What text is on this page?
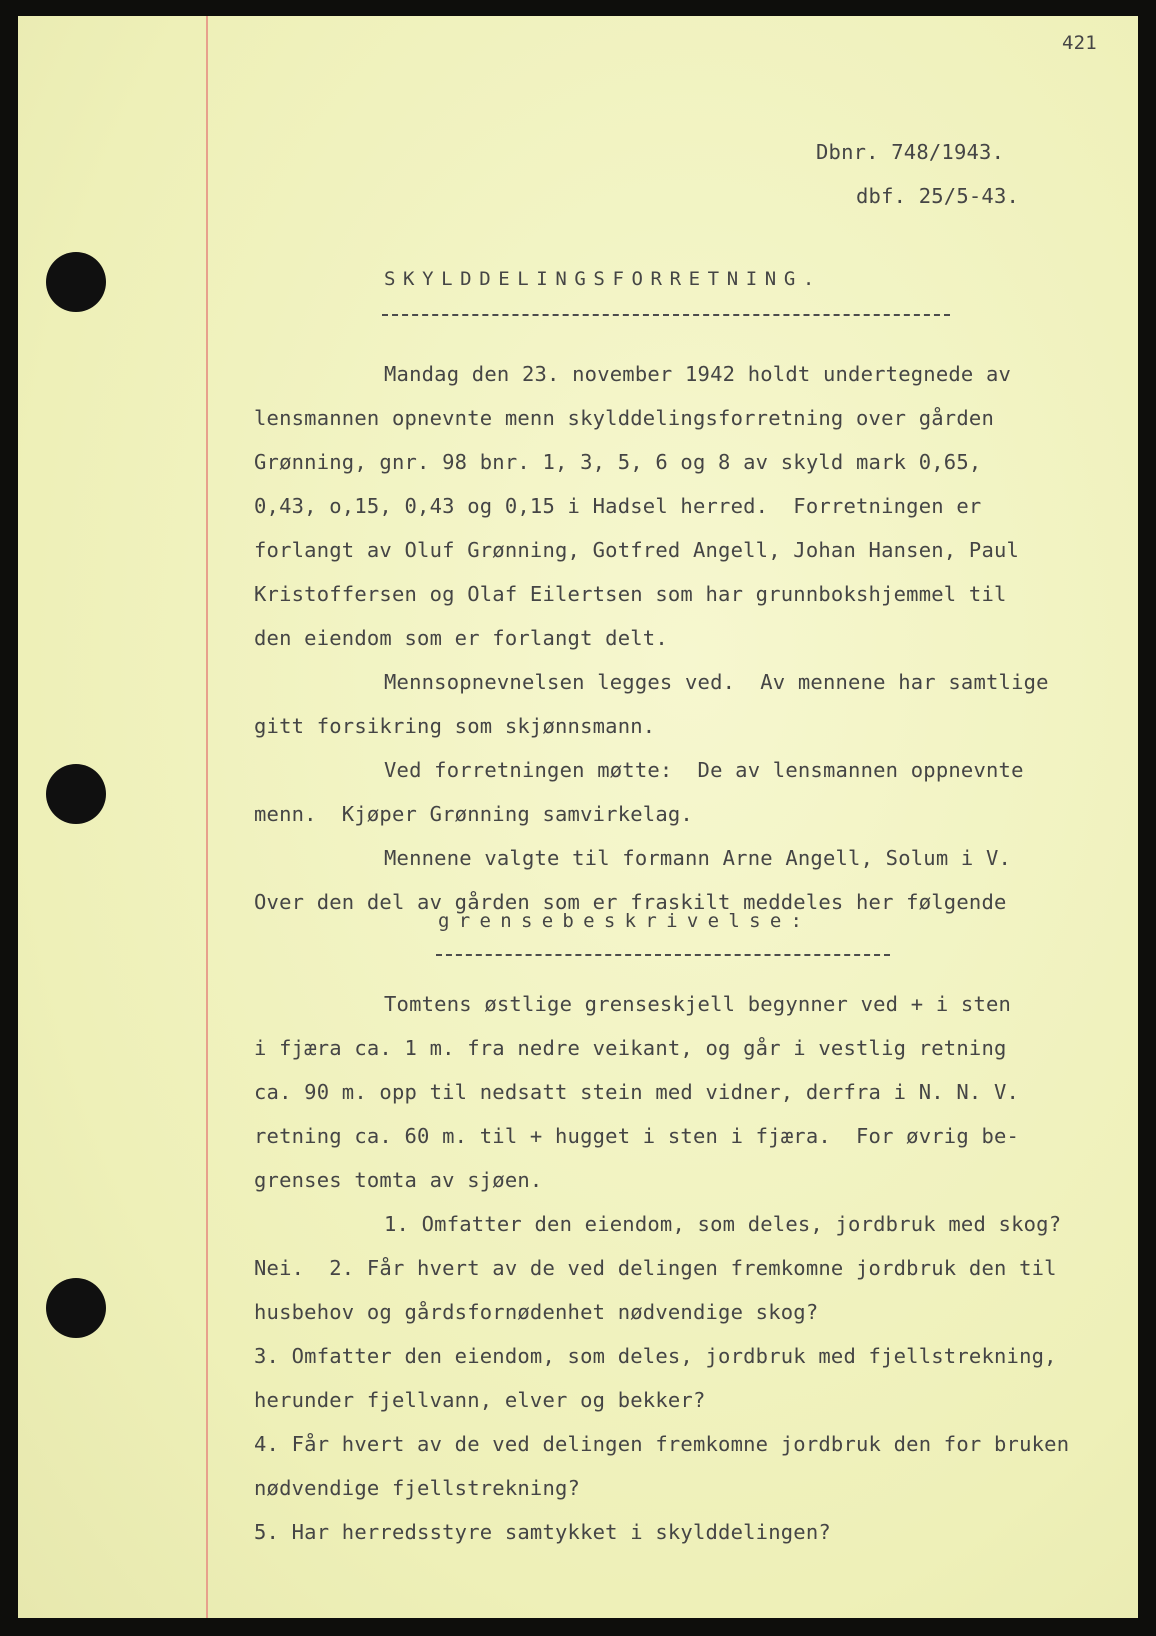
421
Dbnr. 748/1943.
dbf. 25/5-43.
SKYLDDELINGSFORRETNING.
Mandag den 23. november 1942 holdt undertegnede av
lensmannen opnevnte menn skylddelingsforretning over gården
Grønning, gnr. 98 bnr. 1, 3, 5, 6 og 8 av skyld mark 0,65,
0,43, o,15, 0,43 og 0,15 i Hadsel herred.  Forretningen er
forlangt av Oluf Grønning, Gotfred Angell, Johan Hansen, Paul
Kristoffersen og Olaf Eilertsen som har grunnbokshjemmel til
den eiendom som er forlangt delt.
Mennsopnevnelsen legges ved.  Av mennene har samtlige
gitt forsikring som skjønnsmann.
Ved forretningen møtte:  De av lensmannen oppnevnte
menn.  Kjøper Grønning samvirkelag.
Mennene valgte til formann Arne Angell, Solum i V.
Over den del av gården som er fraskilt meddeles her følgende
grensebeskrivelse:
Tomtens østlige grenseskjell begynner ved + i sten
i fjæra ca. 1 m. fra nedre veikant, og går i vestlig retning
ca. 90 m. opp til nedsatt stein med vidner, derfra i N. N. V.
retning ca. 60 m. til + hugget i sten i fjæra.  For øvrig be-
grenses tomta av sjøen.
1. Omfatter den eiendom, som deles, jordbruk med skog?
Nei.  2. Får hvert av de ved delingen fremkomne jordbruk den til
husbehov og gårdsfornødenhet nødvendige skog?
3. Omfatter den eiendom, som deles, jordbruk med fjellstrekning,
herunder fjellvann, elver og bekker?
4. Får hvert av de ved delingen fremkomne jordbruk den for bruken
nødvendige fjellstrekning?
5. Har herredsstyre samtykket i skylddelingen?
